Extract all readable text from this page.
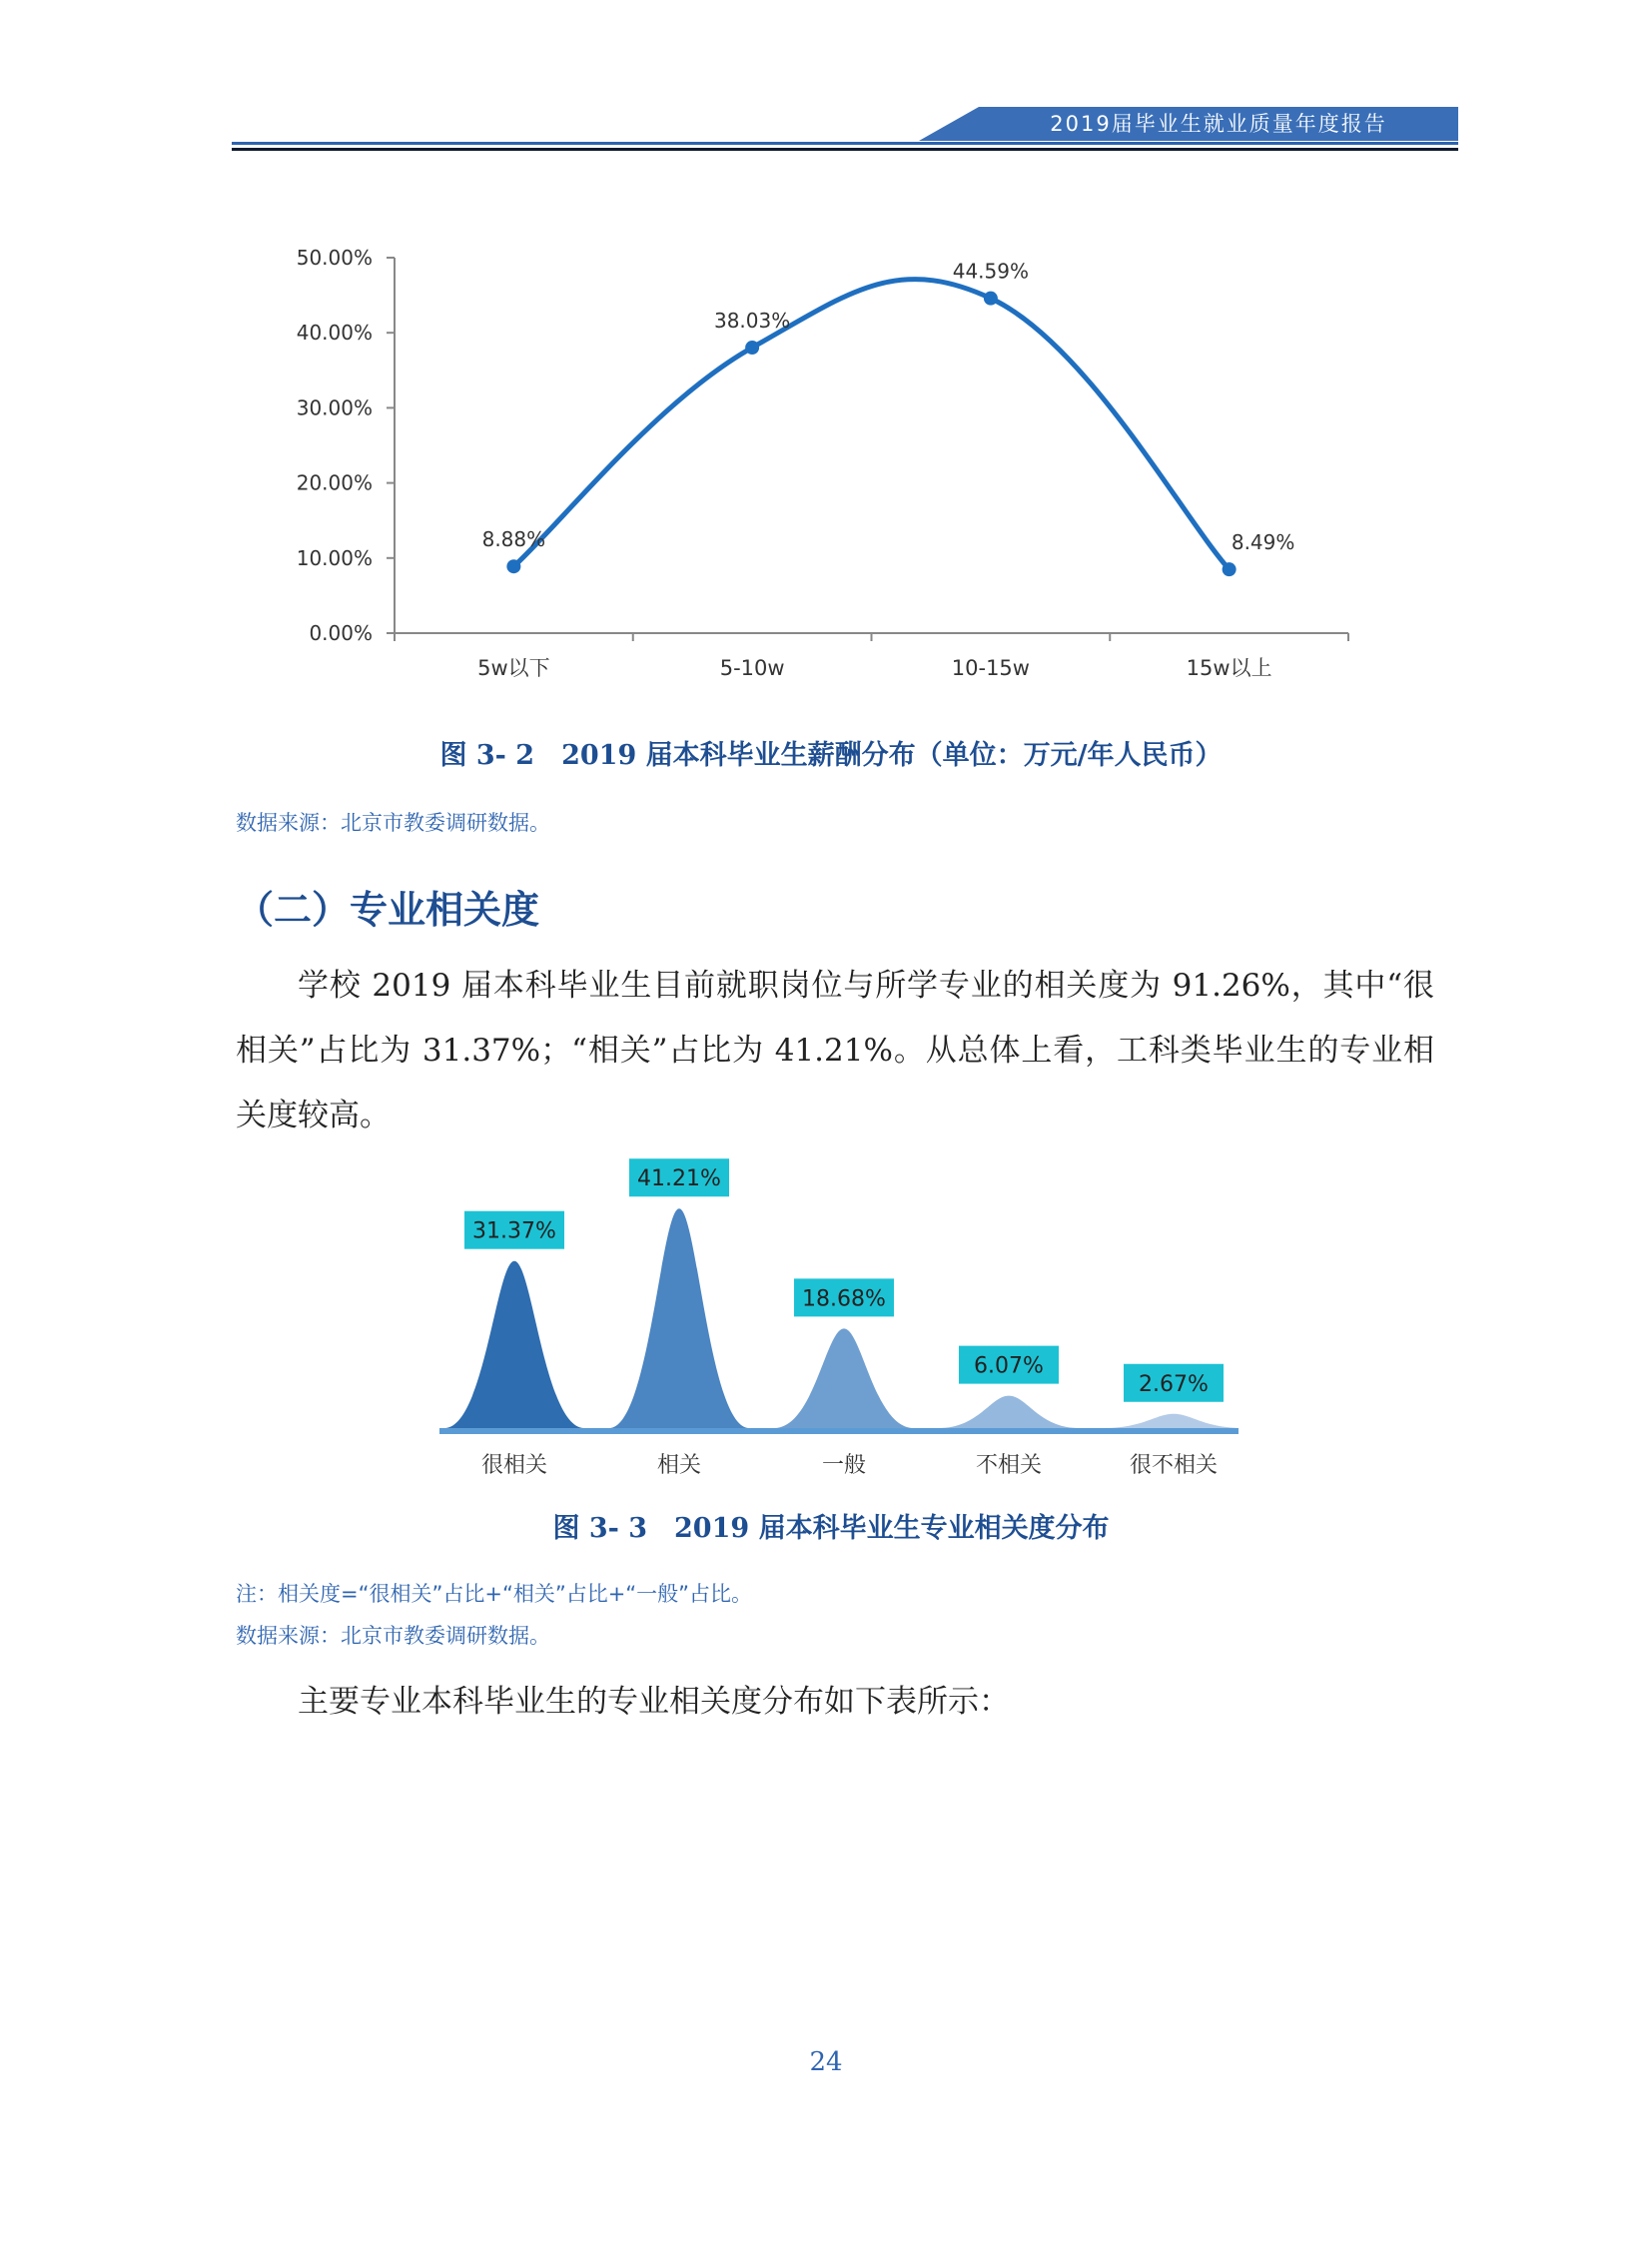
2019届毕业生就业质量年度报告
0.00%
10.00%
20.00%
30.00%
40.00%
50.00%
5w以下	5-10w	10-15w	15w以上
8.88%
38.03%
44.59%
8.49%
图 3- 2　2019 届本科毕业生薪酬分布（单位：万元/年人民币）
数据来源：北京市教委调研数据。
（二）专业相关度
学校 2019 届本科毕业生目前就职岗位与所学专业的相关度为 91.26%，其中“很相关”占比为 31.37%；“相关”占比为 41.21%。从总体上看，工科类毕业生的专业相关度较高。
31.37%
41.21%
18.68%
6.07%
2.67%
很相关	相关	一般	不相关	很不相关
图 3- 3　2019 届本科毕业生专业相关度分布
注：相关度=“很相关”占比+“相关”占比+“一般”占比。
数据来源：北京市教委调研数据。
主要专业本科毕业生的专业相关度分布如下表所示：
24
